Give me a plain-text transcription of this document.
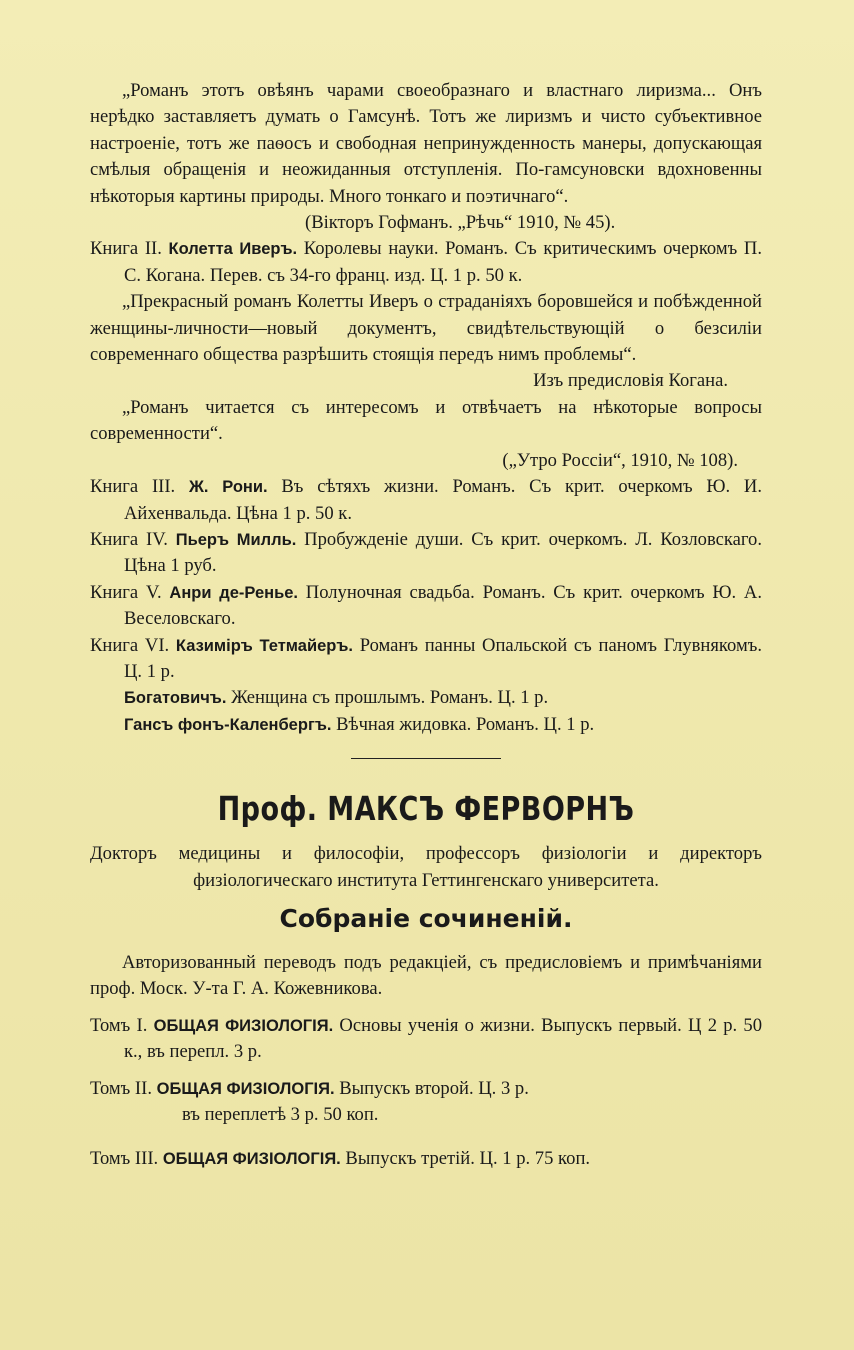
„Романъ этотъ овѣянъ чарами своеобразнаго и властнаго лиризма... Онъ нерѣдко заставляетъ думать о Гамсунѣ. Тотъ же лиризмъ и чисто субъективное настроеніе, тотъ же паѳосъ и свободная непринужденность манеры, допускающая смѣлыя обращенія и неожиданныя отступленія. По-гамсуновски вдохновенны нѣкоторыя картины природы. Много тонкаго и поэтичнаго“.

(Вікторъ Гофманъ. „Рѣчь“ 1910, № 45).

Книга II. Колетта Иверъ. Королевы науки. Романъ. Съ критическимъ очеркомъ П. С. Когана. Перев. съ 34-го франц. изд. Ц. 1 р. 50 к.

„Прекрасный романъ Колетты Иверъ о страданіяхъ боровшейся и побѣжденной женщины-личности—новый документъ, свидѣтельствующій о безсиліи современнаго общества разрѣшить стоящія передъ нимъ проблемы“.

Изъ предисловія Когана.

„Романъ читается съ интересомъ и отвѣчаетъ на нѣкоторые вопросы современности“.

(„Утро Россіи“, 1910, № 108).

Книга III. Ж. Рони. Въ сѣтяхъ жизни. Романъ. Съ крит. очеркомъ Ю. И. Айхенвальда. Цѣна 1 р. 50 к.

Книга IV. Пьеръ Милль. Пробужденіе души. Съ крит. очеркомъ. Л. Козловскаго. Цѣна 1 руб.

Книга V. Анри де-Ренье. Полуночная свадьба. Романъ. Съ крит. очеркомъ Ю. А. Веселовскаго.

Книга VI. Казиміръ Тетмайеръ. Романъ панны Опальской съ паномъ Глувнякомъ. Ц. 1 р.

Богатовичъ. Женщина съ прошлымъ. Романъ. Ц. 1 р.

Гансъ фонъ-Каленбергъ. Вѣчная жидовка. Романъ. Ц. 1 р.

Проф. МАКСЪ ФЕРВОРНЪ

Докторъ медицины и философіи, профессоръ физіологіи и директоръ физіологическаго института Геттингенскаго университета.

Собраніе сочиненій.

Авторизованный переводъ подъ редакціей, съ предисловіемъ и примѣчаніями проф. Моск. У-та Г. А. Кожевникова.

Томъ I. ОБЩАЯ ФИЗІОЛОГІЯ. Основы ученія о жизни. Выпускъ первый. Ц 2 р. 50 к., въ перепл. 3 р.

Томъ II. ОБЩАЯ ФИЗІОЛОГІЯ. Выпускъ второй. Ц. 3 р.

въ переплетѣ 3 р. 50 коп.

Томъ III. ОБЩАЯ ФИЗІОЛОГІЯ. Выпускъ третій. Ц. 1 р. 75 коп.
